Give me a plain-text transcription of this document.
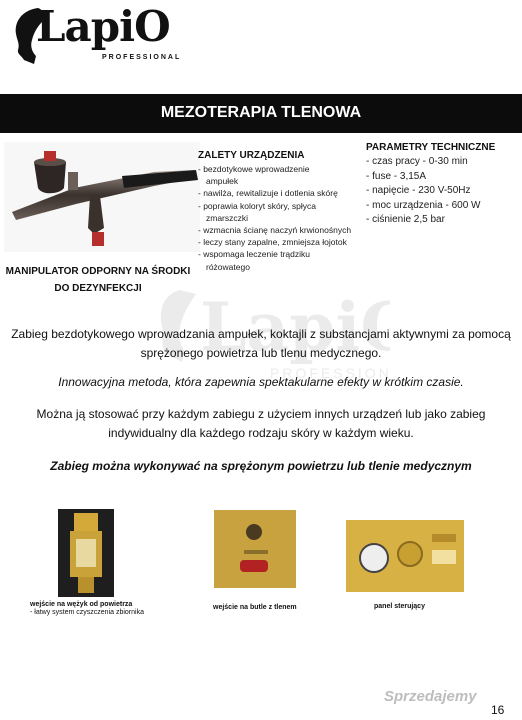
LapiO
PROFESSIONAL
MEZOTERAPIA TLENOWA
MANIPULATOR ODPORNY NA ŚRODKI DO DEZYNFEKCJI
ZALETY URZĄDZENIA
- bezdotykowe wprowadzenie
ampułek
- nawilża, rewitalizuje i dotlenia skórę
- poprawia koloryt skóry, spłyca
zmarszczki
- wzmacnia ścianę naczyń krwionośnych
- leczy stany zapalne, zmniejsza łojotok
- wspomaga leczenie trądziku
różowatego
PARAMETRY TECHNICZNE
- czas pracy - 0-30 min
- fuse - 3,15A
- napięcie - 230 V-50Hz
- moc urządzenia - 600 W
- ciśnienie 2,5 bar
LapiO
PROFESSION
Zabieg bezdotykowego wprowadzania ampułek, koktajli z substancjami aktywnymi za pomocą
sprężonego powietrza lub tlenu medycznego.
Innowacyjna metoda, która zapewnia spektakularne efekty w krótkim czasie.
Można ją stosować przy każdym zabiegu z użyciem innych urządzeń lub jako zabieg
indywidualny dla każdego rodzaju skóry w każdym wieku.
Zabieg można wykonywać na sprężonym powietrzu lub tlenie medycznym
wejście na wężyk od powietrza
- łatwy system czyszczenia zbiornika
wejście na butle z tlenem	panel sterujący
Sprzedajemy
16
